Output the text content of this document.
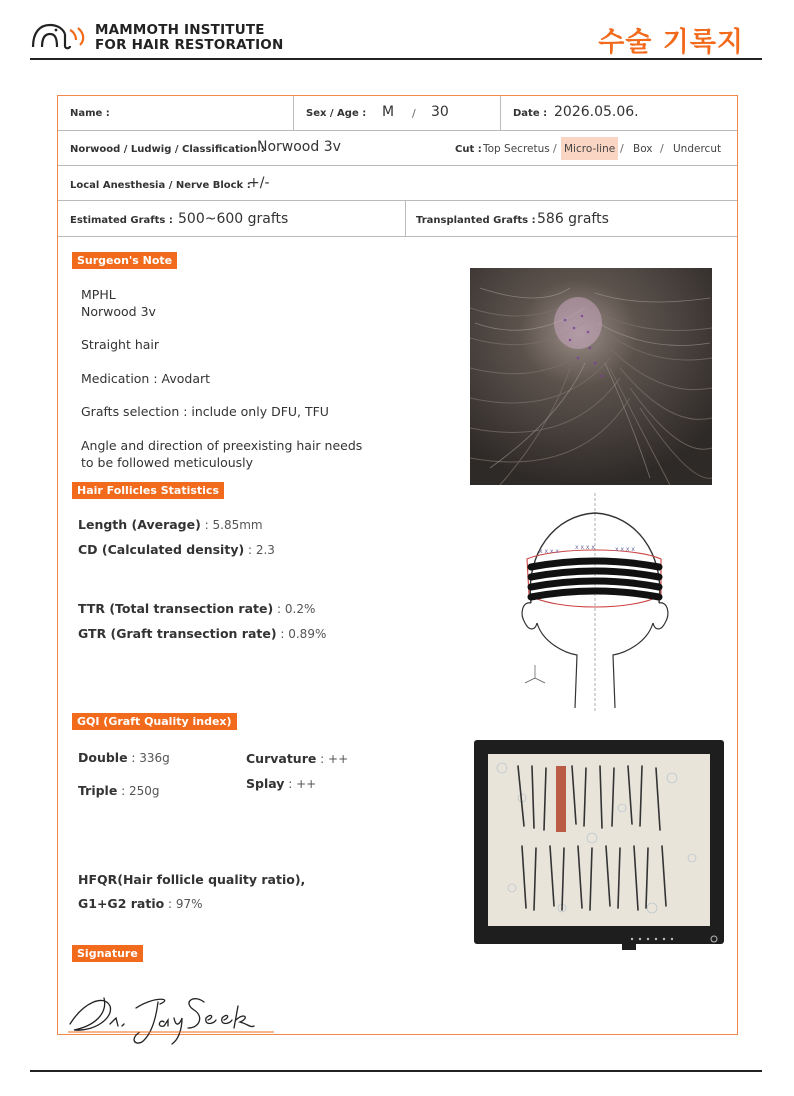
MAMMOTH INSTITUTE
FOR HAIR RESTORATION	수술 기록지
Name :	Sex / Age : M / 30	Date : 2026.05.06.
Norwood / Ludwig / Classification :
Norwood 3v	Cut : Top Secretus / Micro-line / Box / Undercut
Local Anesthesia / Nerve Block :
+/-
Estimated Grafts : 500~600 grafts	Transplanted Grafts : 586 grafts
Surgeon's Note
MPHL
Norwood 3v
Straight hair
Medication : Avodart
Grafts selection : include only DFU, TFU
Angle and direction of preexisting hair needs
to be followed meticulously
Hair Follicles Statistics
Length (Average) : 5.85mm
CD (Calculated density) : 2.3
TTR (Total transection rate) : 0.2%
GTR (Graft transection rate) : 0.89%
x x x x
x x x x	x x x x
GQI (Graft Quality index)
Double : 336g
Triple : 250g
Curvature : ++
Splay : ++
HFQR(Hair follicle quality ratio),
G1+G2 ratio : 97%
Signature
